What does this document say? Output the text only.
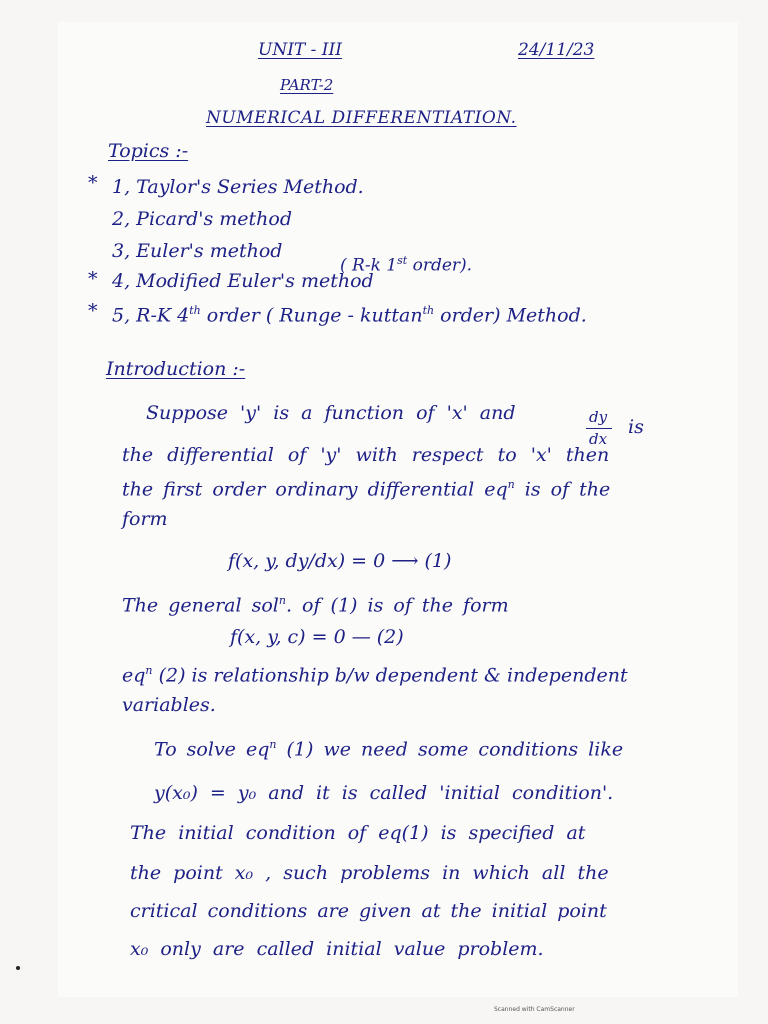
UNIT - III	24/11/23
PART-2
NUMERICAL DIFFERENTIATION.
Topics :-
* 1, Taylor's Series Method.
2, Picard's method
3, Euler's method
( R-k 1st order).
* 4, Modified Euler's method
* 5, R-K 4th order ( Runge - kuttan$^{th}$ order) Method.
Introduction :-
Suppose 'y' is a function of 'x' and	dy
dx
is
the differential of 'y' with respect to 'x' then
the first order ordinary differential $eq^n$ is of the
form
f(x, y, dy/dx) = 0 ⟶ (1)
The general sol$^n$. of (1) is of the form
f(x, y, c) = 0 — (2)
$eq^n$ (2) is relationship b/w dependent & independent
variables.
To solve $eq^n$ (1) we need some conditions like
y(x₀) = y₀ and it is called 'initial condition'.
The initial condition of eq(1) is specified at
the point x₀ , such problems in which all the
critical conditions are given at the initial point
x₀ only are called initial value problem.
Scanned with CamScanner
